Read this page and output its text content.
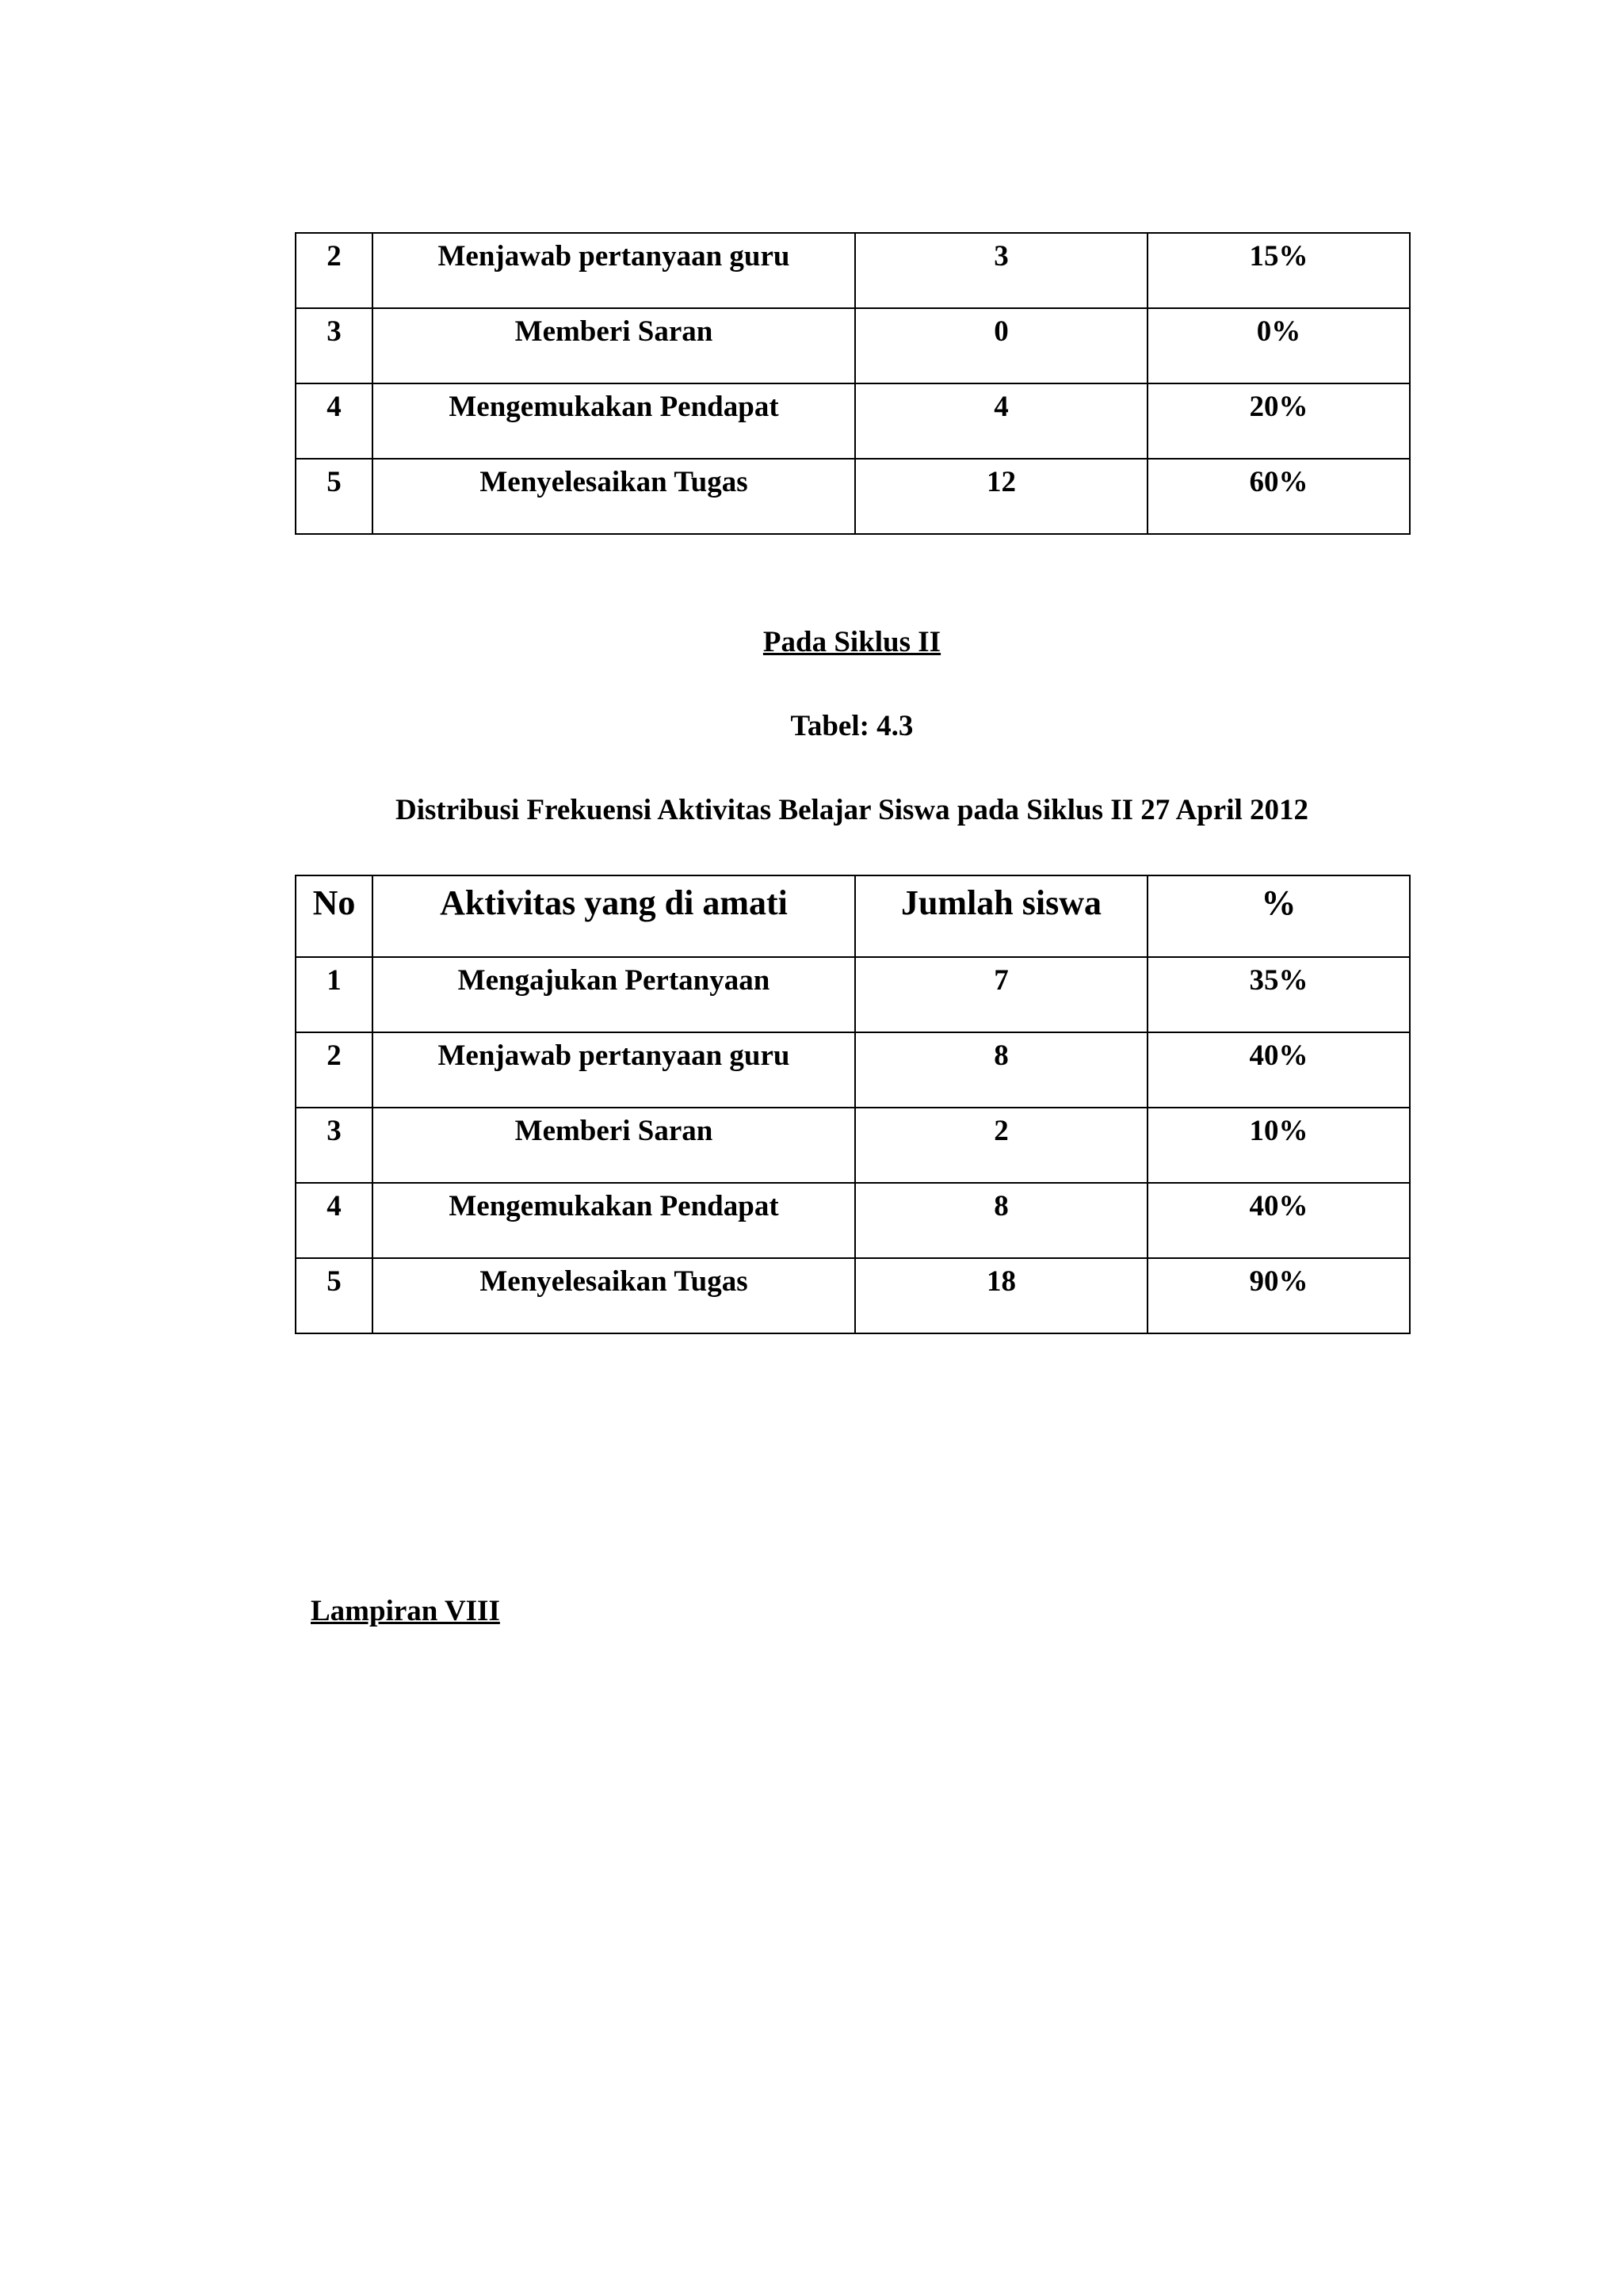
2	Menjawab pertanyaan guru	3	15%

3	Memberi Saran	0	0%

4	Mengemukakan Pendapat	4	20%

5	Menyelesaikan Tugas	12	60%
Pada Siklus II
Tabel: 4.3
Distribusi Frekuensi Aktivitas Belajar Siswa pada Siklus II 27 April 2012
No	Aktivitas yang di amati	Jumlah siswa	%

1	Mengajukan Pertanyaan	7	35%

2	Menjawab pertanyaan guru	8	40%

3	Memberi Saran	2	10%

4	Mengemukakan Pendapat	8	40%

5	Menyelesaikan Tugas	18	90%
Lampiran VIII
